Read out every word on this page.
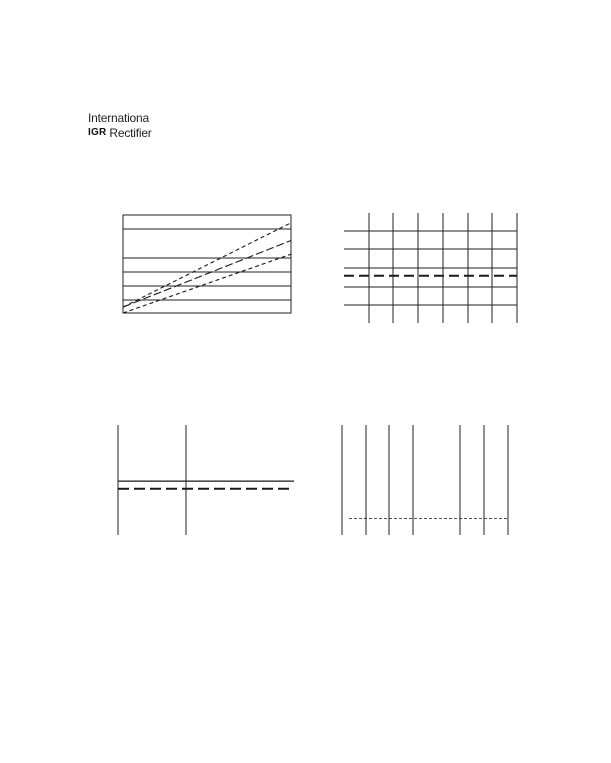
Internationa
IGR Rectifier
